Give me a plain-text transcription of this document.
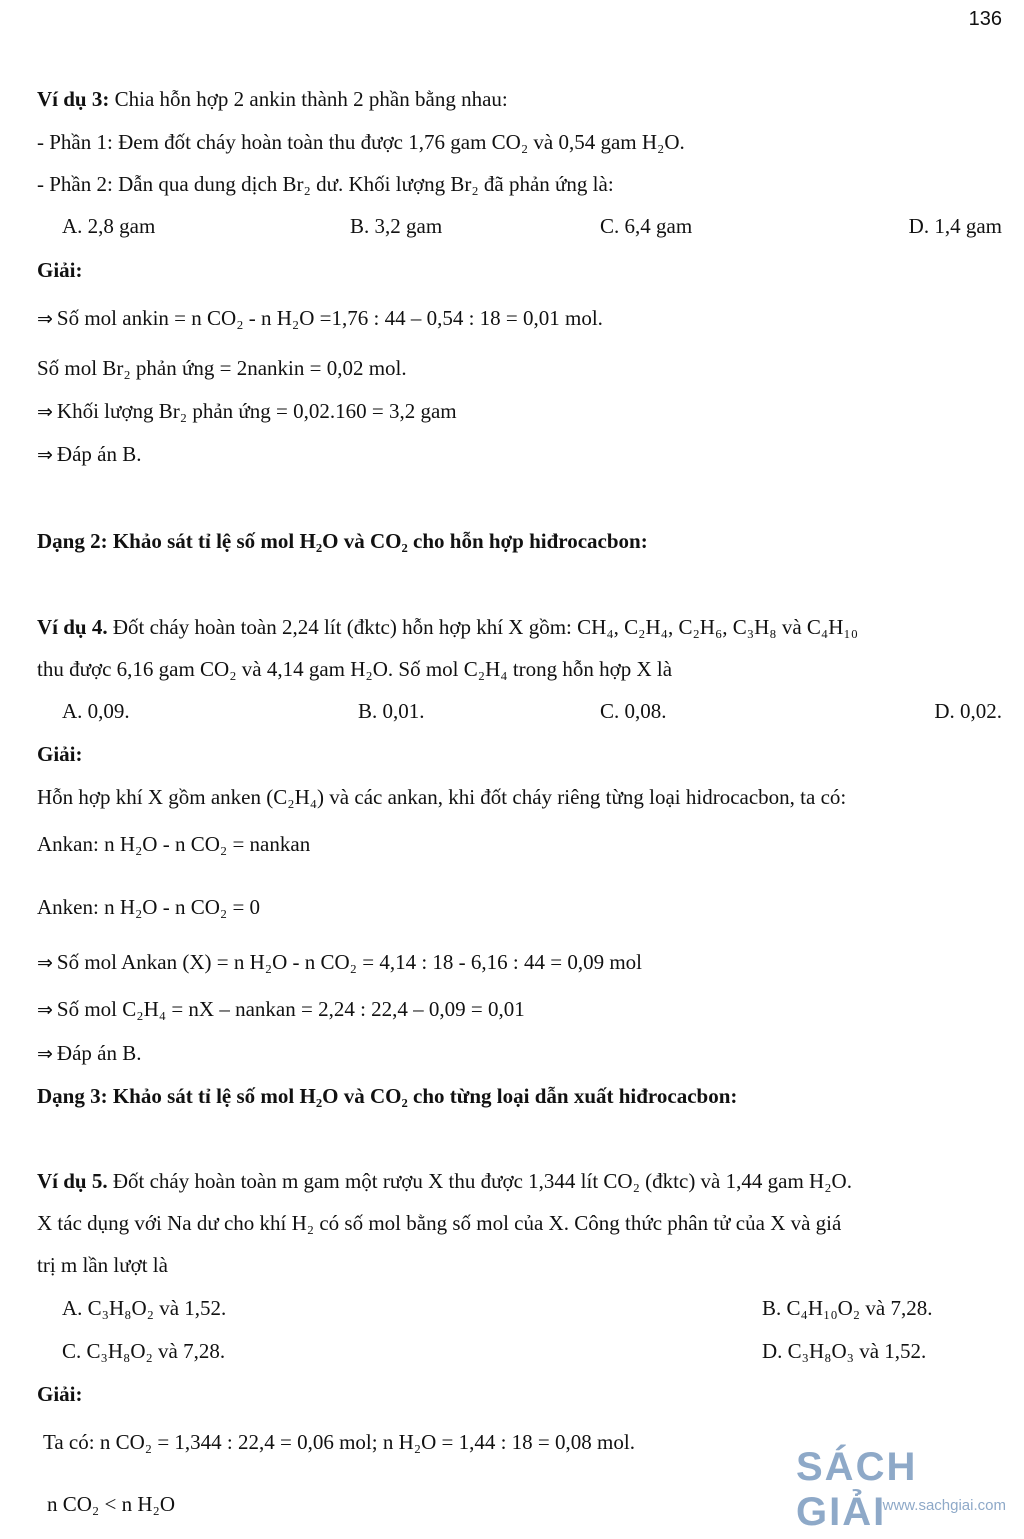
136
Ví dụ 3: Chia hỗn hợp 2 ankin thành 2 phần bằng nhau:
- Phần 1: Đem đốt cháy hoàn toàn thu được 1,76 gam CO₂ và 0,54 gam H₂O.
- Phần 2: Dẫn qua dung dịch Br₂ dư. Khối lượng Br₂ đã phản ứng là:
A. 2,8 gam	B. 3,2 gam	C. 6,4 gam	D. 1,4 gam
Giải:
⇒ Số mol ankin = n CO₂ - n H₂O =1,76 : 44 – 0,54 : 18 = 0,01 mol.
Số mol Br₂ phản ứng = 2nankin = 0,02 mol.
⇒ Khối lượng Br₂ phản ứng = 0,02.160 = 3,2 gam
⇒ Đáp án B.
Dạng 2: Khảo sát tỉ lệ số mol H₂O và CO₂ cho hỗn hợp hiđrocacbon:
Ví dụ 4. Đốt cháy hoàn toàn 2,24 lít (đktc) hỗn hợp khí X gồm: CH₄, C₂H₄, C₂H₆, C₃H₈ và C₄H₁₀
thu được 6,16 gam CO₂ và 4,14 gam H₂O. Số mol C₂H₄ trong hỗn hợp X là
A. 0,09.	B. 0,01.	C. 0,08.	D. 0,02.
Giải:
Hỗn hợp khí X gồm anken (C₂H₄) và các ankan, khi đốt cháy riêng từng loại hidrocacbon, ta có:
Ankan: n H₂O - n CO₂ = nankan
Anken: n H₂O - n CO₂ = 0
⇒ Số mol Ankan (X) = n H₂O - n CO₂ = 4,14 : 18 - 6,16 : 44 = 0,09 mol
⇒ Số mol C₂H₄ = nX – nankan = 2,24 : 22,4 – 0,09 = 0,01
⇒ Đáp án B.
Dạng 3: Khảo sát tỉ lệ số mol H₂O và CO₂ cho từng loại dẫn xuất hiđrocacbon:
Ví dụ 5. Đốt cháy hoàn toàn m gam một rượu X thu được 1,344 lít CO₂ (đktc) và 1,44 gam H₂O.
X tác dụng với Na dư cho khí H₂ có số mol bằng số mol của X. Công thức phân tử của X và giá
trị m lần lượt là
A. C₃H₈O₂ và 1,52.	B. C₄H₁₀O₂ và 7,28.
C. C₃H₈O₂ và 7,28.	D. C₃H₈O₃ và 1,52.
Giải:
Ta có: n CO₂ = 1,344 : 22,4 = 0,06 mol; n H₂O = 1,44 : 18 = 0,08 mol.
n CO₂ < n H₂O
SÁCH GIẢI
www.sachgiai.com
